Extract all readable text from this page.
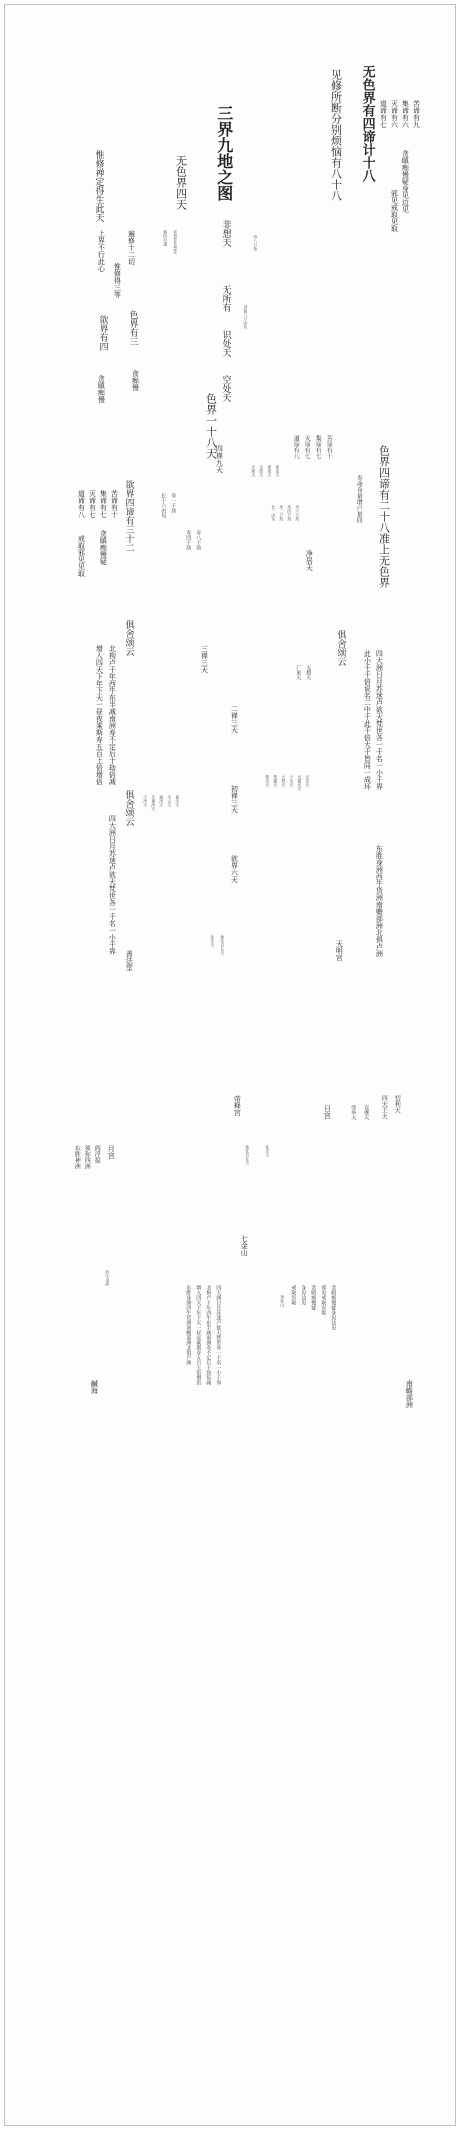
无色界有四谛计十八
见修所断分别烦恼有八十八	苦谛有九
集谛有六
灭谛有六
道谛有七
贪瞋痴慢疑身见边见
邪见戒取见取
三界九地之图
无色界四天
非想天
无所有
识处天
空处天
色界一十八天
惟修禅定得生此天
遍修十二切
惟修得三等
上界不行此心
色界有三
欲界有四
食痴慢
贪瞋痴慢
非想非非想处
無所有處	寿八万劫
身量八万由旬
色界四谛有二十八准上无色界
寿命身量增户量同
苦谛有十
集谛有七
灭谛有七
道谛有八
净居天
四禅九天	善见天
善现天
无热天
无烦天
寿六万劫
寿四万劫
寿二万劫
长一由旬
欲界四谛有三十二
苦谛有十
集谛有七
灭谛有七
道谛有八
贪瞋痴慢疑
戒取邪见见取
寿一千劫
长十六由旬
寿八千劫
寿四千劫
俱舍颂云
四大洲日月苏迷卢欲天梵世各一千名一小千界
此小千千倍说名二中千此千倍大千皆同一成坏
无想天
广果天
俱舍颂云
北拘卢千年西牛东半减南洲寿不定后十劫倍减
增入四天下年下天一昼夜乘斯寿五百上倍增倍	三禅三天
二禅三天
初禅三天
欲界六天
俱舍颂云
四大洲日月苏迷卢欲天梵世各一千名一小千界	东胜身洲西牛货洲南赡部洲北俱卢洲
福生天
无云天
遍净天
无量净天
少净天
光音天
无量光天
少光天
大梵天
梵辅天
梵众天
善法堂	天明宫
他化自在天
化乐天
帝释宫	日宫	兜率天 夜摩天	忉利天
四天王天
他化自在天	化乐天
月宫
阎浮提
须弥四洲
东胜神洲
七金山
须弥山
西牛货洲
贪瞋痴慢疑身见边见
邪见戒取见取
贪瞋痴慢疑
身见边见
戒取见取
四大洲日月苏迷卢欲天梵世各一千名一小千界
北拘卢千年西牛东半减南洲寿不定后十劫倍减
增入四天下年下天一昼夜乘斯寿五百上倍增倍
东胜身洲西牛货洲南赡部洲北俱卢洲
鹹海	南瞻部洲
